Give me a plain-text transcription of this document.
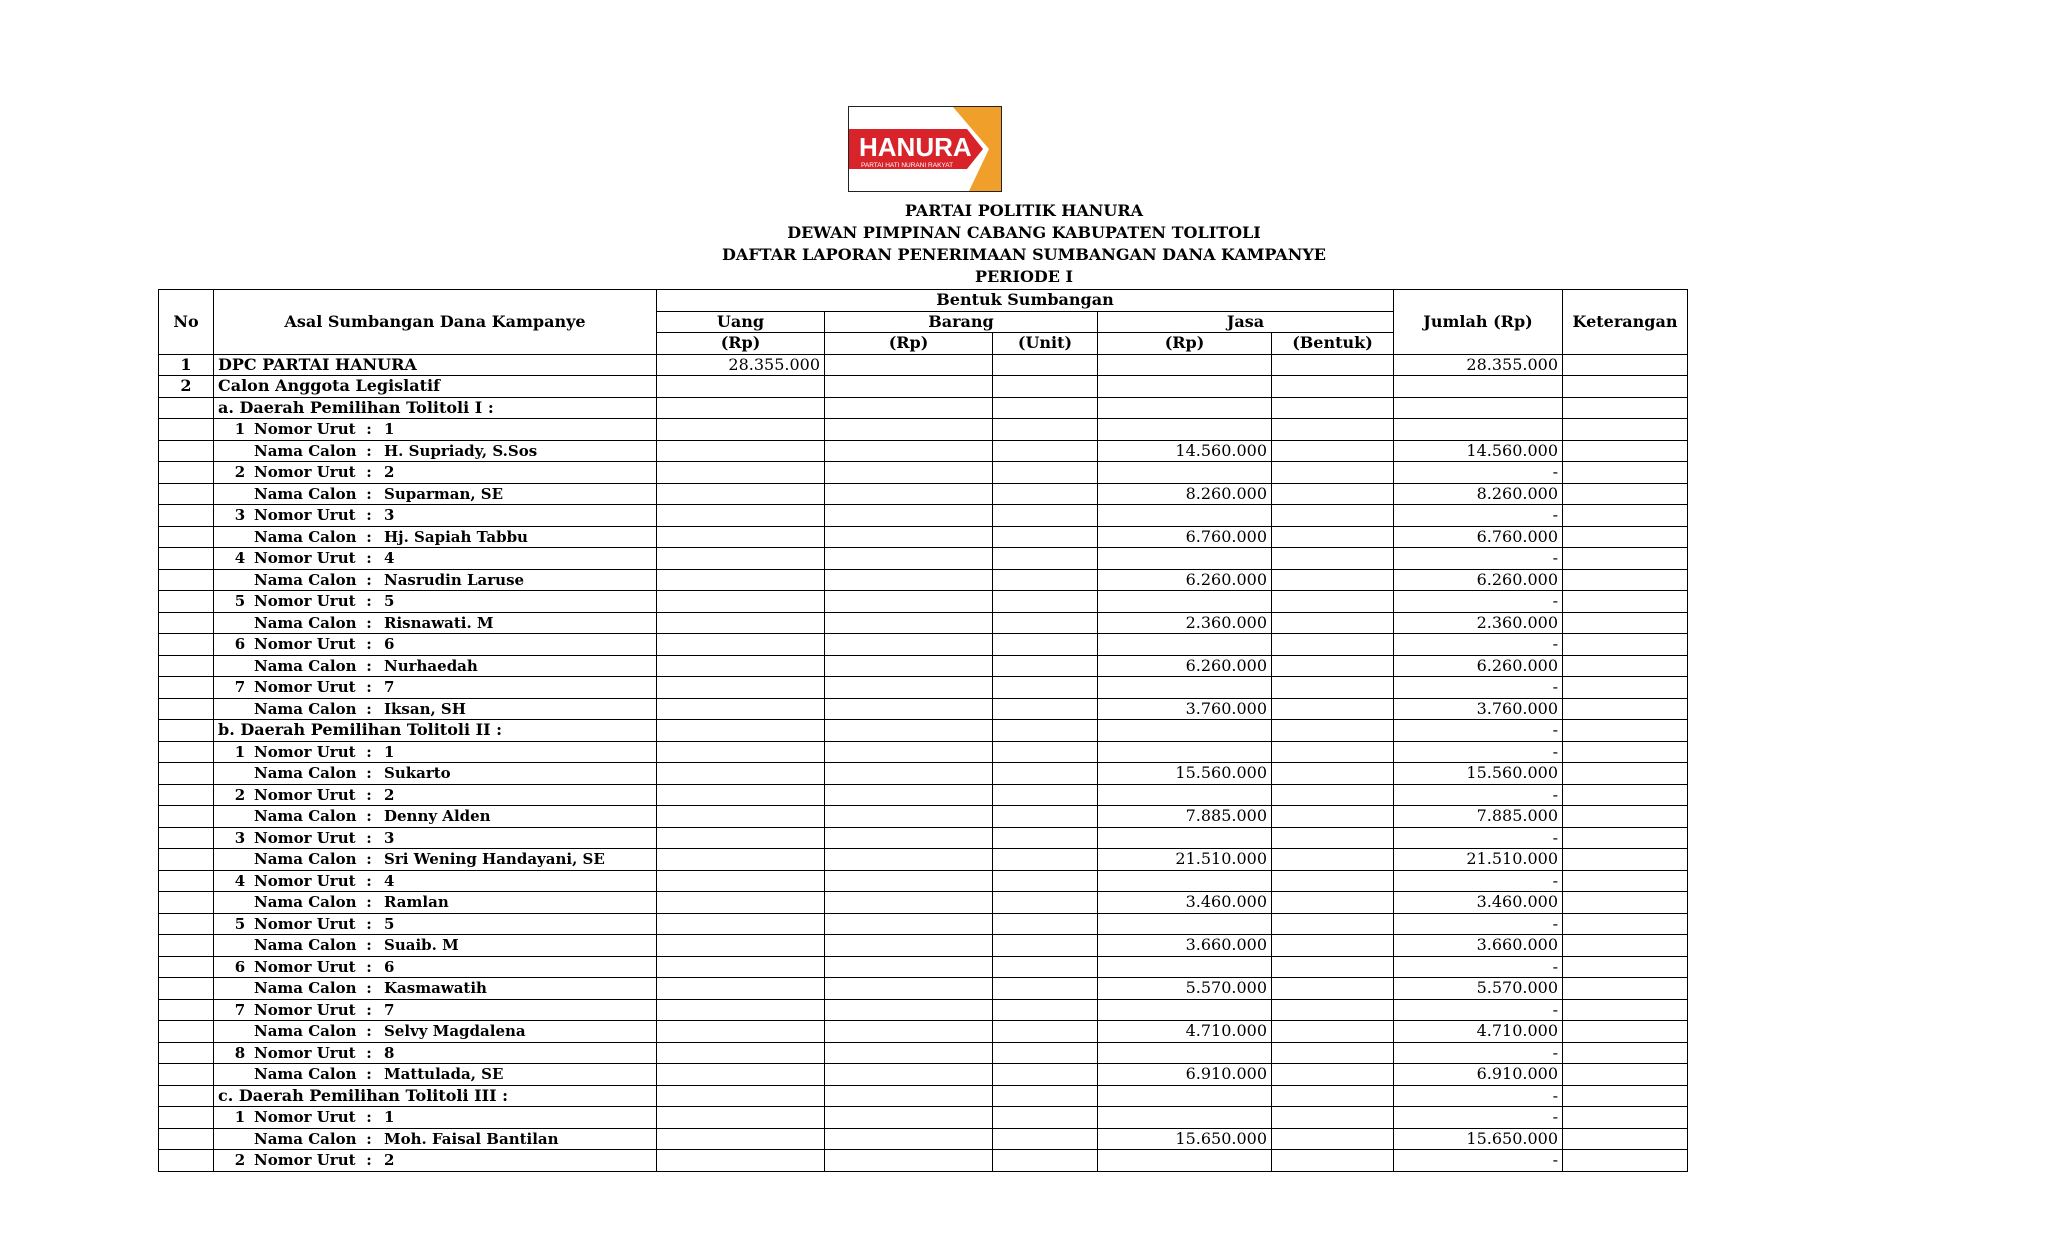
HANURA
PARTAI HATI NURANI RAKYAT
PARTAI POLITIK HANURA
DEWAN PIMPINAN CABANG KABUPATEN TOLITOLI
DAFTAR LAPORAN PENERIMAAN SUMBANGAN DANA KAMPANYE
PERIODE I
No	Asal Sumbangan Dana Kampanye	Bentuk Sumbangan					Jumlah (Rp)	Keterangan
		Uang	Barang		Jasa			
		(Rp)	(Rp)	(Unit)	(Rp)	(Bentuk)		
1	DPC PARTAI HANURA	28.355.000					28.355.000	
2	Calon Anggota Legislatif							
	a. Daerah Pemilihan Tolitoli I :							
	1 Nomor Urut : 1							
	Nama Calon : H. Supriady, S.Sos				14.560.000		14.560.000	
	2 Nomor Urut : 2						-	
	Nama Calon : Suparman, SE				8.260.000		8.260.000	
	3 Nomor Urut : 3						-	
	Nama Calon : Hj. Sapiah Tabbu				6.760.000		6.760.000	
	4 Nomor Urut : 4						-	
	Nama Calon : Nasrudin Laruse				6.260.000		6.260.000	
	5 Nomor Urut : 5						-	
	Nama Calon : Risnawati. M				2.360.000		2.360.000	
	6 Nomor Urut : 6						-	
	Nama Calon : Nurhaedah				6.260.000		6.260.000	
	7 Nomor Urut : 7						-	
	Nama Calon : Iksan, SH				3.760.000		3.760.000	
	b. Daerah Pemilihan Tolitoli II :						-	
	1 Nomor Urut : 1						-	
	Nama Calon : Sukarto				15.560.000		15.560.000	
	2 Nomor Urut : 2						-	
	Nama Calon : Denny Alden				7.885.000		7.885.000	
	3 Nomor Urut : 3						-	
	Nama Calon : Sri Wening Handayani, SE				21.510.000		21.510.000	
	4 Nomor Urut : 4						-	
	Nama Calon : Ramlan				3.460.000		3.460.000	
	5 Nomor Urut : 5						-	
	Nama Calon : Suaib. M				3.660.000		3.660.000	
	6 Nomor Urut : 6						-	
	Nama Calon : Kasmawatih				5.570.000		5.570.000	
	7 Nomor Urut : 7						-	
	Nama Calon : Selvy Magdalena				4.710.000		4.710.000	
	8 Nomor Urut : 8						-	
	Nama Calon : Mattulada, SE				6.910.000		6.910.000	
	c. Daerah Pemilihan Tolitoli III :						-	
	1 Nomor Urut : 1						-	
	Nama Calon : Moh. Faisal Bantilan				15.650.000		15.650.000	
	2 Nomor Urut : 2						-	
